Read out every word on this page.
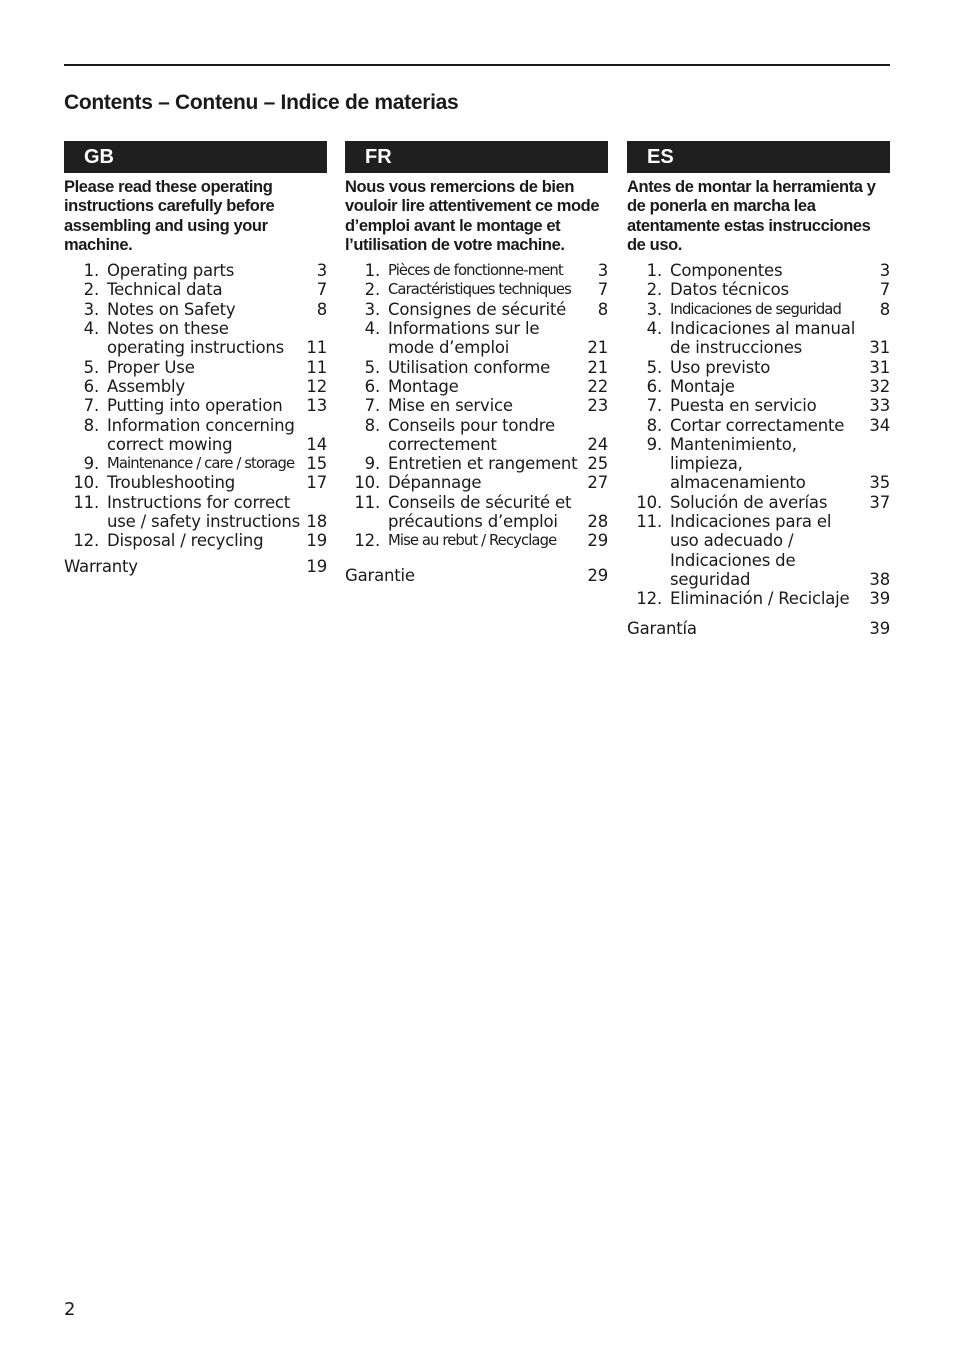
Contents – Contenu – Indice de materias
GB

Please read these operating instructions carefully before assembling and using your machine.

1. Operating parts	3
2. Technical data	7
3. Notes on Safety	8
4. Notes on these operating instructions	11
5. Proper Use	11
6. Assembly	12
7. Putting into operation	13
8. Information concerning correct mowing	14
9. Maintenance / care / storage 15
10. Troubleshooting	17
11. Instructions for correct use / safety instructions 18
12. Disposal / recycling	19
Warranty	19
FR

Nous vous remercions de bien vouloir lire attentivement ce mode d’emploi avant le montage et l’utilisation de votre machine.

1. Pièces de fonctionne-ment	3
2. Caractéristiques techniques	7
3. Consignes de sécurité	8
4. Informations sur le mode d’emploi	21
5. Utilisation conforme	21
6. Montage	22
7. Mise en service	23
8. Conseils pour tondre correctement	24
9. Entretien et rangement 25
10. Dépannage	27
11. Conseils de sécurité et précautions d’emploi	28
12. Mise au rebut / Recyclage	29
Garantie	29
ES

Antes de montar la herramienta y de ponerla en marcha lea atentamente estas instrucciones de uso.

1. Componentes	3
2. Datos técnicos	7
3. Indicaciones de seguridad	8
4. Indicaciones al manual de instrucciones	31
5. Uso previsto	31
6. Montaje	32
7. Puesta en servicio	33
8. Cortar correctamente	34
9. Mantenimiento, limpieza, almacenamiento	35
10. Solución de averías	37
11. Indicaciones para el uso adecuado / Indicaciones de seguridad	38
12. Eliminación / Reciclaje	39
Garantía	39
2
